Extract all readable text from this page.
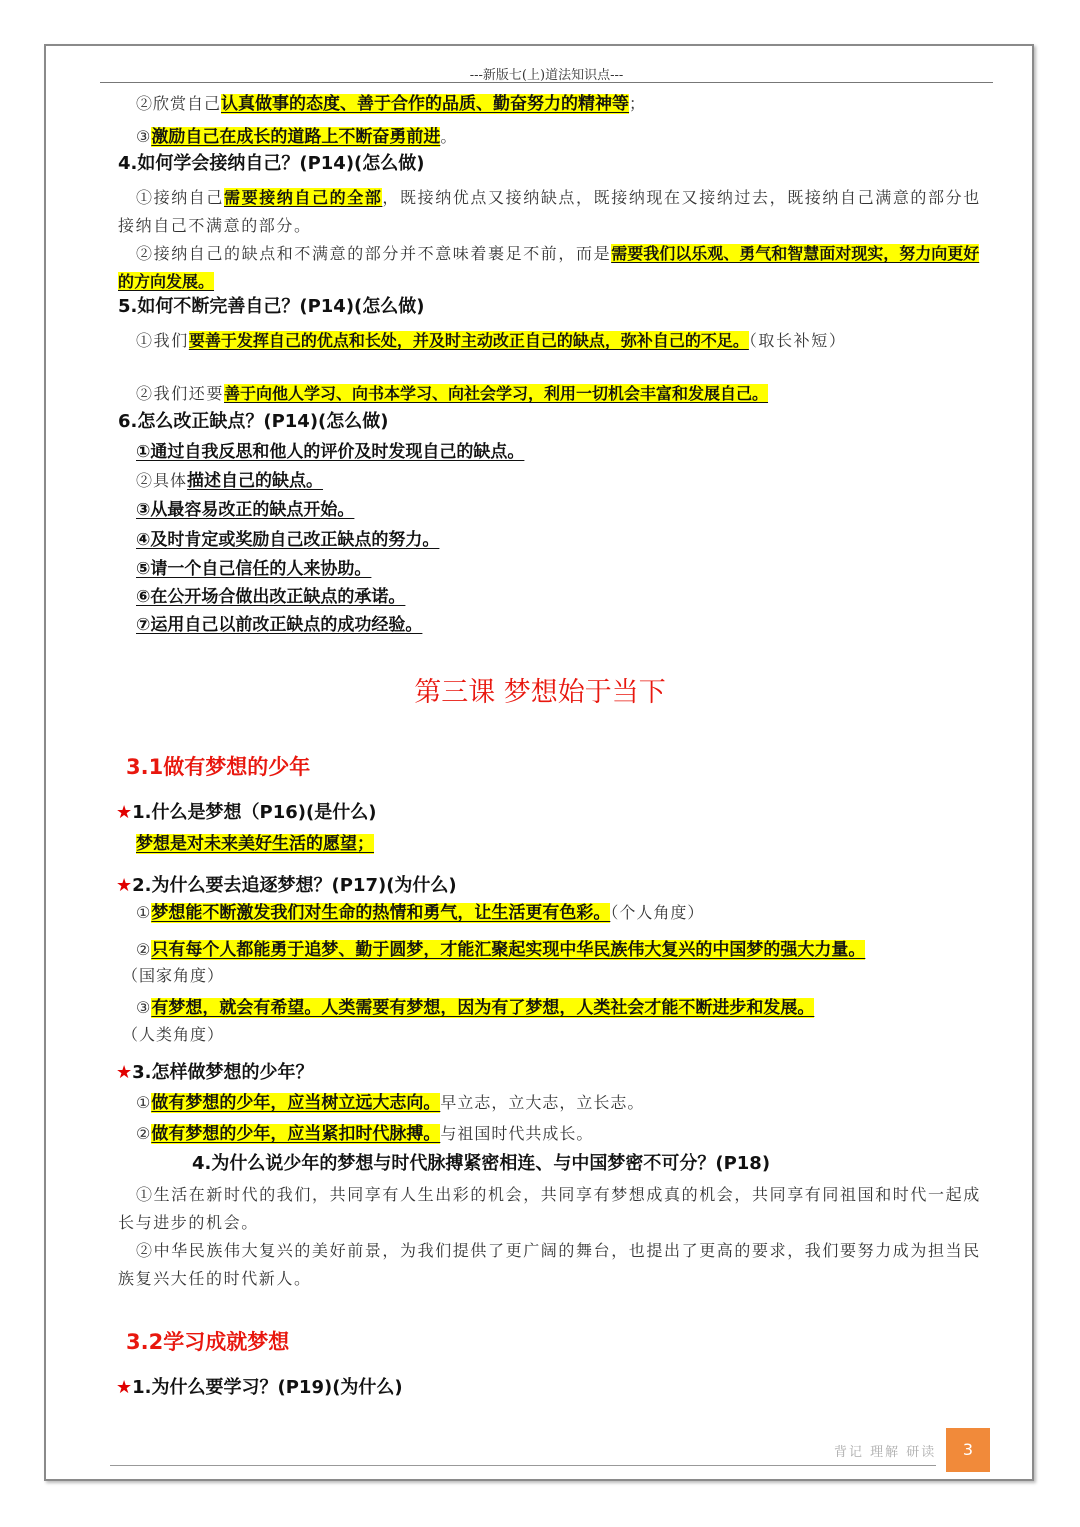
---新版七(上)道法知识点---
②欣赏自己认真做事的态度、善于合作的品质、勤奋努力的精神等；
③激励自己在成长的道路上不断奋勇前进。
4.如何学会接纳自己？(P14)(怎么做)
①接纳自己需要接纳自己的全部，既接纳优点又接纳缺点，既接纳现在又接纳过去，既接纳自己满意的部分也接纳自己不满意的部分。
②接纳自己的缺点和不满意的部分并不意味着裹足不前，而是需要我们以乐观、勇气和智慧面对现实，努力向更好的方向发展。
5.如何不断完善自己？(P14)(怎么做)
①我们要善于发挥自己的优点和长处，并及时主动改正自己的缺点，弥补自己的不足。（取长补短）
②我们还要善于向他人学习、向书本学习、向社会学习，利用一切机会丰富和发展自己。
6.怎么改正缺点？(P14)(怎么做)
①通过自我反思和他人的评价及时发现自己的缺点。
②具体描述自己的缺点。
③从最容易改正的缺点开始。
④及时肯定或奖励自己改正缺点的努力。
⑤请一个自己信任的人来协助。
⑥在公开场合做出改正缺点的承诺。
⑦运用自己以前改正缺点的成功经验。
第三课 梦想始于当下
3.1做有梦想的少年
★1.什么是梦想（P16)(是什么)
梦想是对未来美好生活的愿望；
★2.为什么要去追逐梦想？(P17)(为什么)
①梦想能不断激发我们对生命的热情和勇气，让生活更有色彩。（个人角度）
②只有每个人都能勇于追梦、勤于圆梦，才能汇聚起实现中华民族伟大复兴的中国梦的强大力量。
（国家角度）
③有梦想，就会有希望。人类需要有梦想，因为有了梦想，人类社会才能不断进步和发展。
（人类角度）
★3.怎样做梦想的少年？
①做有梦想的少年，应当树立远大志向。早立志，立大志，立长志。
②做有梦想的少年，应当紧扣时代脉搏。与祖国时代共成长。
4.为什么说少年的梦想与时代脉搏紧密相连、与中国梦密不可分？(P18)
①生活在新时代的我们，共同享有人生出彩的机会，共同享有梦想成真的机会，共同享有同祖国和时代一起成长与进步的机会。
②中华民族伟大复兴的美好前景，为我们提供了更广阔的舞台，也提出了更高的要求，我们要努力成为担当民族复兴大任的时代新人。
3.2学习成就梦想
★1.为什么要学习？(P19)(为什么)
背记 理解 研读	3
